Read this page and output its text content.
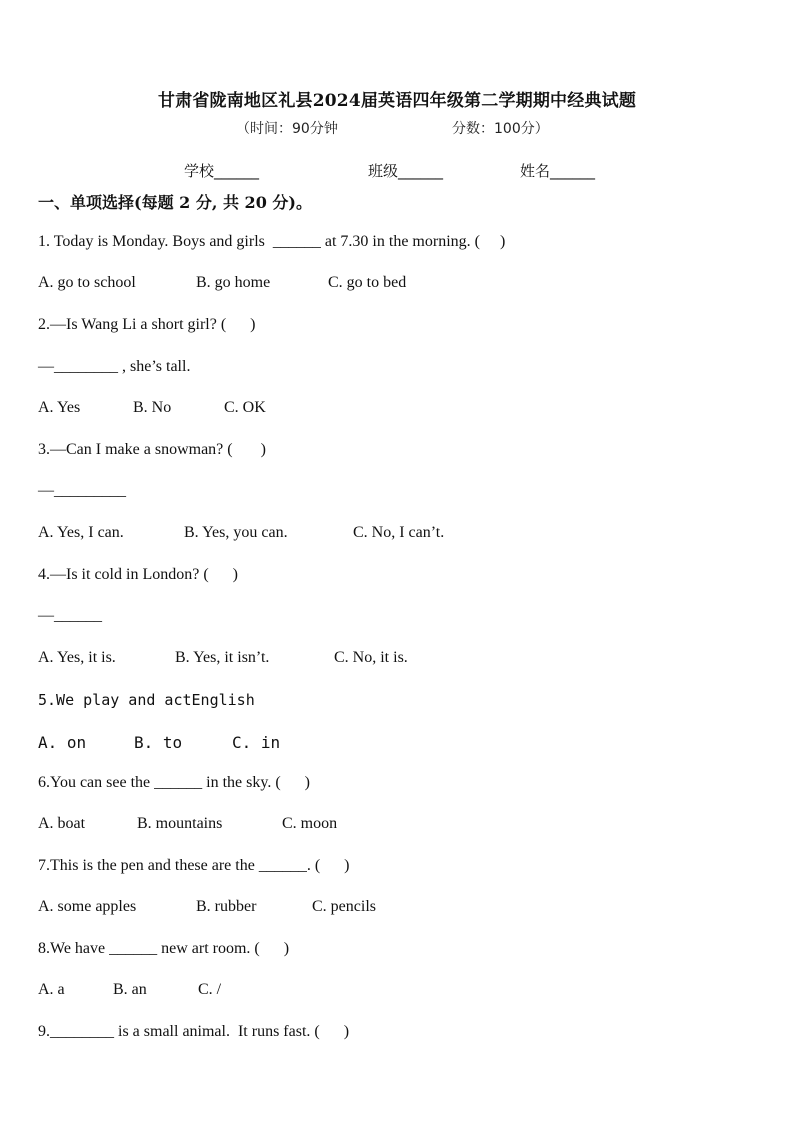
甘肃省陇南地区礼县2024届英语四年级第二学期期中经典试题
（时间：90分钟	分数：100分）
学校______	班级______	姓名______
一、单项选择(每题 2 分, 共 20 分)。
1. Today is Monday. Boys and girls  ______ at 7.30 in the morning. (     )
A. go to school	B. go home	C. go to bed
2.—Is Wang Li a short girl? (      )
—________ , she’s tall.
A. Yes	B. No	C. OK
3.—Can I make a snowman? (       )
—_________
A. Yes, I can.	B. Yes, you can.	C. No, I can’t.
4.—Is it cold in London? (      )
—______
A. Yes, it is.	B. Yes, it isn’t.	C. No, it is.
5.We play and actEnglish
A. on	B. to	C. in
6.You can see the ______ in the sky. (      )
A. boat	B. mountains	C. moon
7.This is the pen and these are the ______. (      )
A. some apples	B. rubber	C. pencils
8.We have ______ new art room. (      )
A. a	B. an	C. /
9.________ is a small animal.  It runs fast. (      )
